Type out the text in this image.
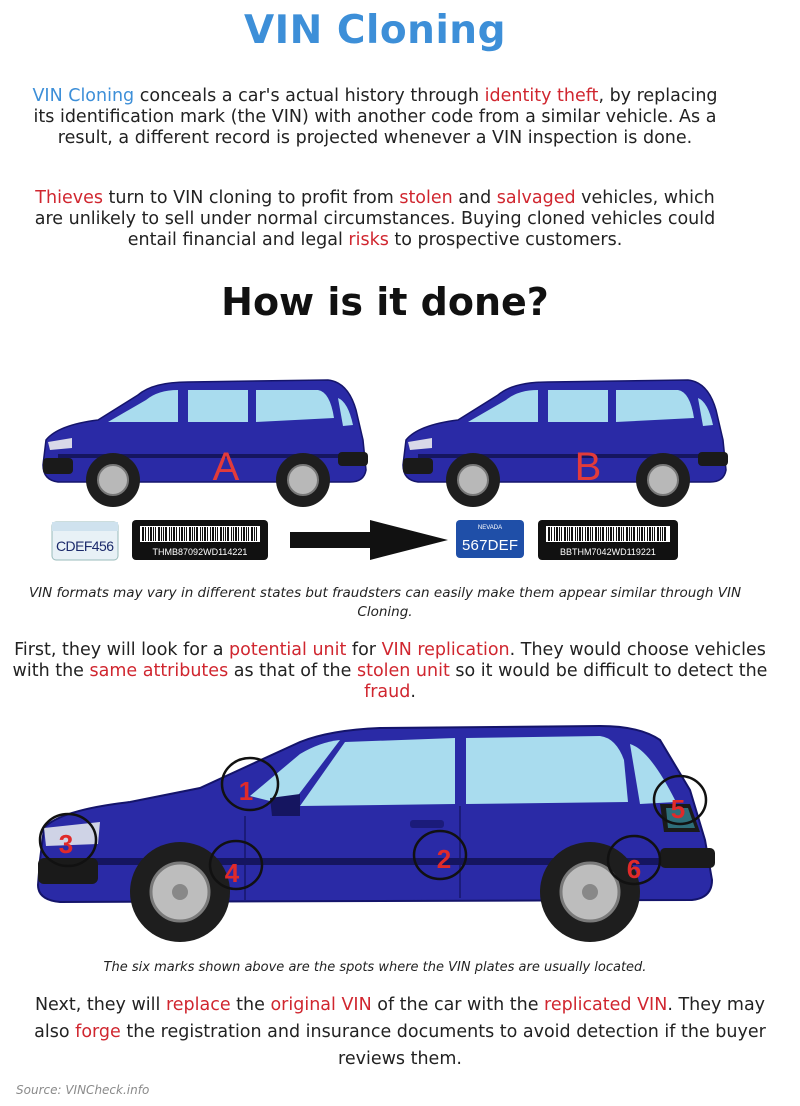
VIN Cloning
VIN Cloning conceals a car's actual history through identity theft, by replacing its identification mark (the VIN) with another code from a similar vehicle. As a result, a different record is projected whenever a VIN inspection is done.
Thieves turn to VIN cloning to profit from stolen and salvaged vehicles, which are unlikely to sell under normal circumstances. Buying cloned vehicles could entail financial and legal risks to prospective customers.
How is it done?
A	B
CDEF456	THMB87092WD114221
NEVADA
567DEF	BBTHM7042WD119221
VIN formats may vary in different states but fraudsters can easily make them appear similar through VIN Cloning.
First, they will look for a potential unit for VIN replication. They would choose vehicles with the same attributes as that of the stolen unit so it would be difficult to detect the fraud.
1
2
3
4
5
6
The six marks shown above are the spots where the VIN plates are usually located.
Next, they will replace the original VIN of the car with the replicated VIN. They may also forge the registration and insurance documents to avoid detection if the buyer reviews them.
Source: VINCheck.info
